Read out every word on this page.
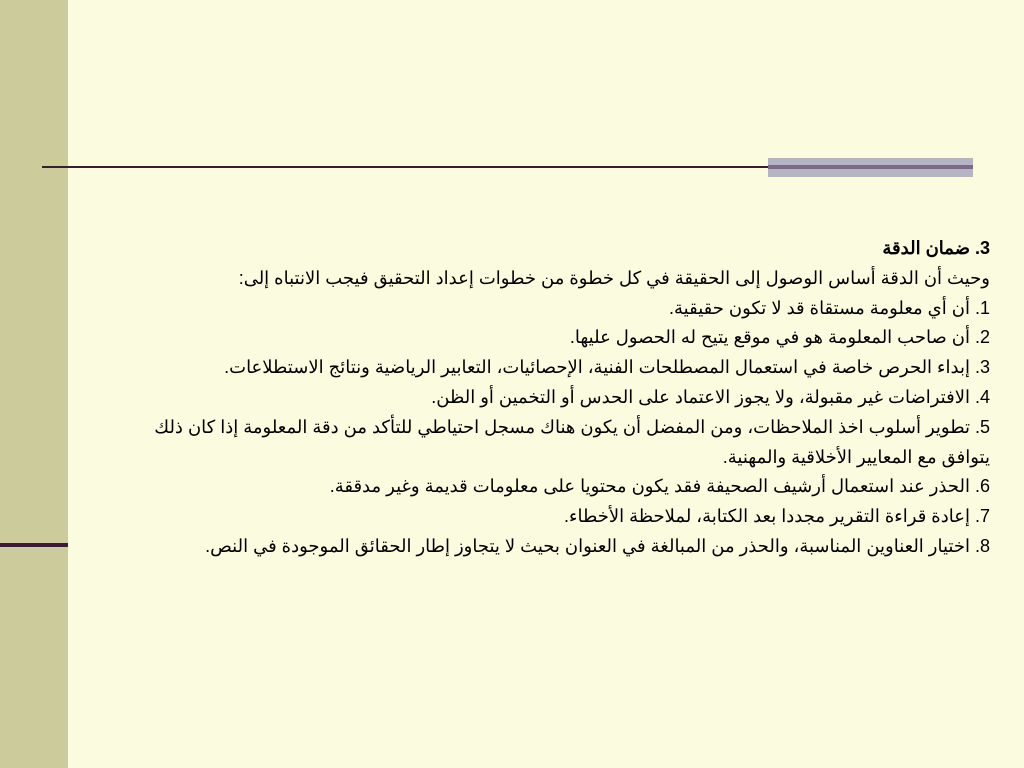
3. ضمان الدقة

وحيث أن الدقة أساس الوصول إلى الحقيقة في كل خطوة من خطوات إعداد التحقيق فيجب الانتباه إلى:

1. أن أي معلومة مستقاة قد لا تكون حقيقية.

2. أن صاحب المعلومة هو في موقع يتيح له الحصول عليها.

3. إبداء الحرص خاصة في استعمال المصطلحات الفنية، الإحصائيات، التعابير الرياضية ونتائج الاستطلاعات.

4. الافتراضات غير مقبولة، ولا يجوز الاعتماد على الحدس أو التخمين أو الظن.

5. تطوير أسلوب اخذ الملاحظات، ومن المفضل أن يكون هناك مسجل احتياطي للتأكد من دقة المعلومة إذا كان ذلك يتوافق مع المعايير الأخلاقية والمهنية.

6. الحذر عند استعمال أرشيف الصحيفة فقد يكون محتويا على معلومات قديمة وغير مدققة.

7. إعادة قراءة التقرير مجددا بعد الكتابة، لملاحظة الأخطاء.

8. اختيار العناوين المناسبة، والحذر من المبالغة في العنوان بحيث لا يتجاوز إطار الحقائق الموجودة في النص.
